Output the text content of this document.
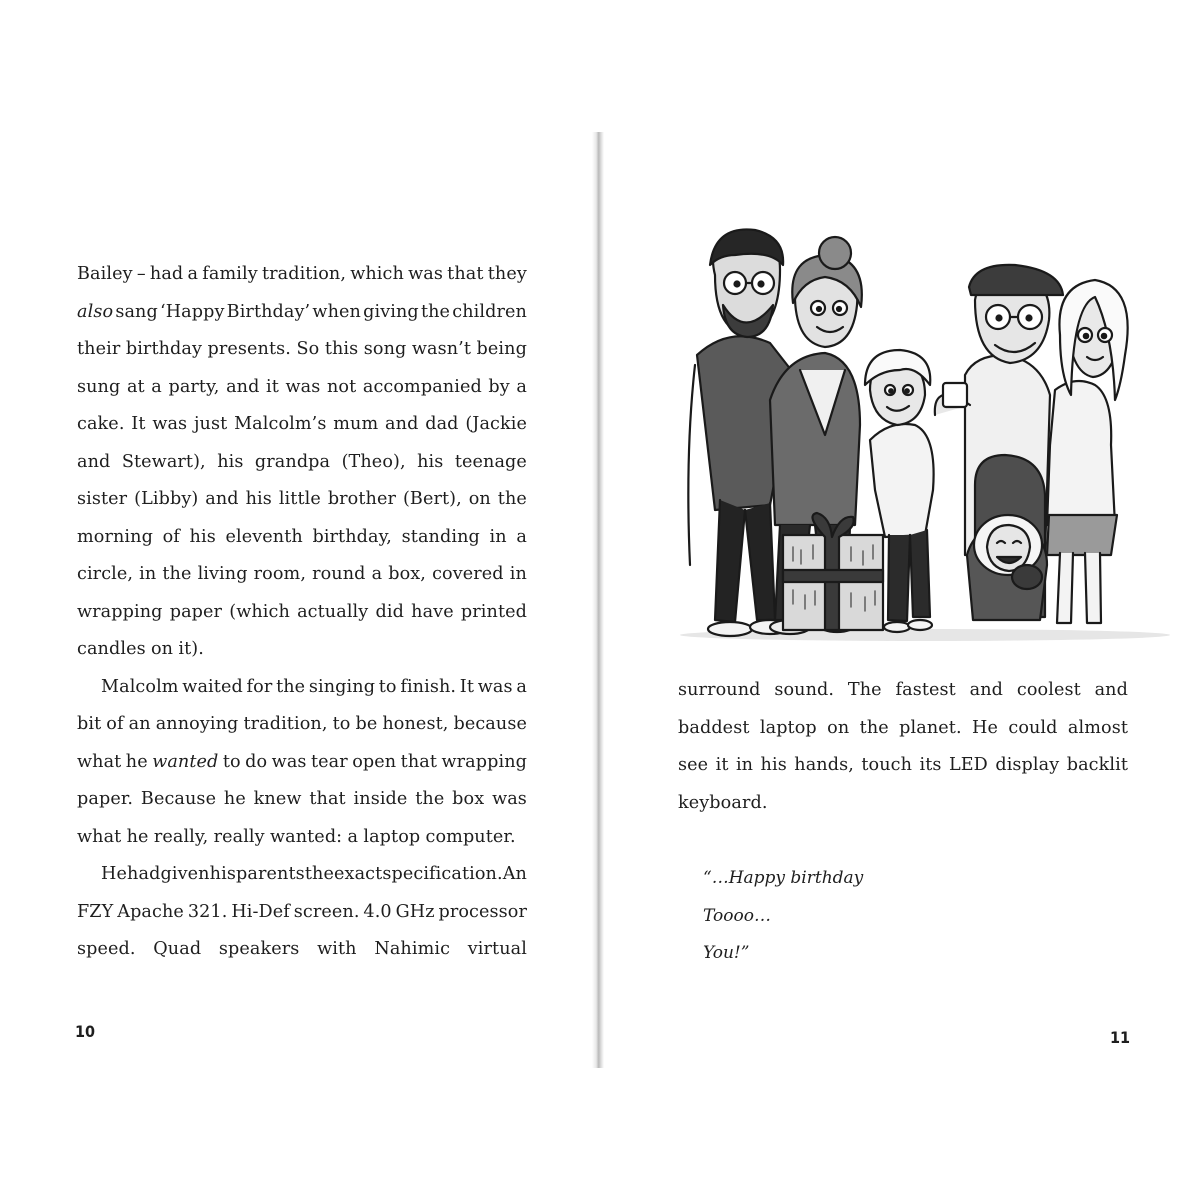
Bailey – had a family tradition, which was that they
also sang ‘Happy Birthday’ when giving the children
their birthday presents. So this song wasn’t being
sung at a party, and it was not accompanied by a
cake. It was just Malcolm’s mum and dad (Jackie
and Stewart), his grandpa (Theo), his teenage
sister (Libby) and his little brother (Bert), on the
morning of his eleventh birthday, standing in a
circle, in the living room, round a box, covered in
wrapping paper (which actually did have printed
candles on it).
Malcolm waited for the singing to finish. It was a
bit of an annoying tradition, to be honest, because
what he wanted to do was tear open that wrapping
paper. Because he knew that inside the box was
what he really, really wanted: a laptop computer.
He had given his parents the exact specification. An
FZY Apache 321. Hi-Def screen. 4.0 GHz processor
speed. Quad speakers with Nahimic virtual
10
surround sound. The fastest and coolest and
baddest laptop on the planet. He could almost
see it in his hands, touch its LED display backlit
keyboard.
“…Happy birthday
Toooo…
You!”
11
